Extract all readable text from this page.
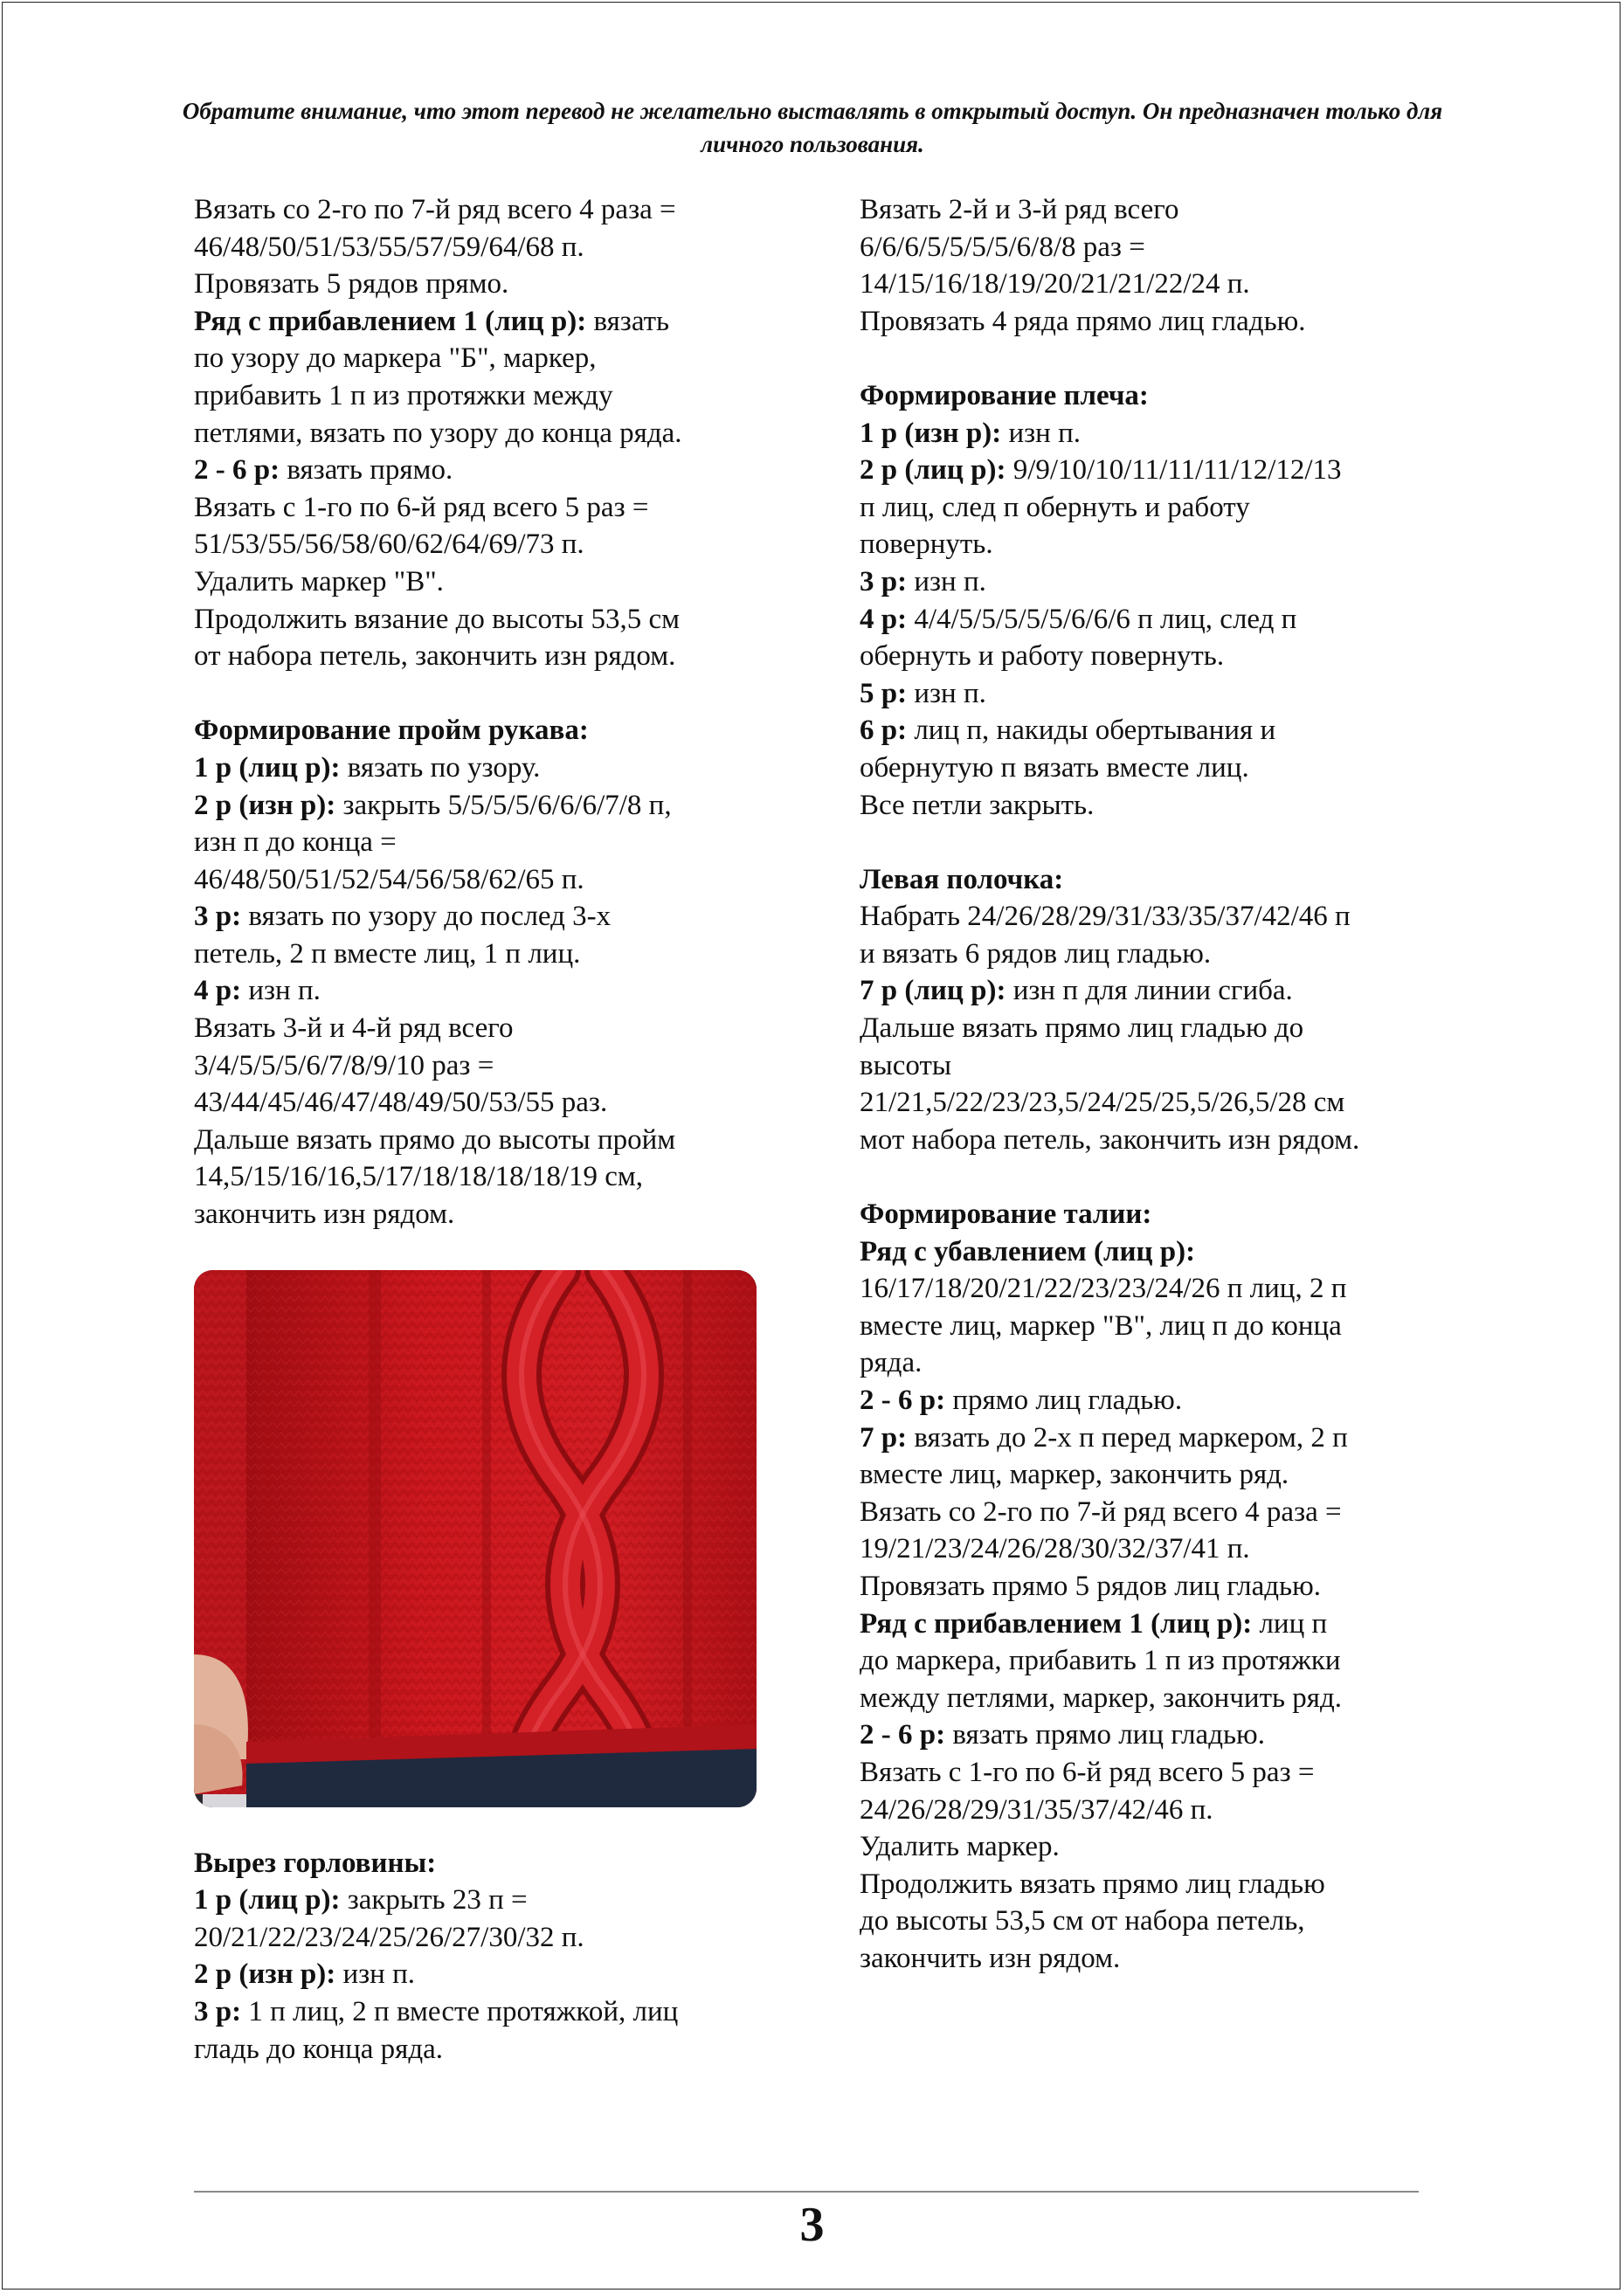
Обратите внимание, что этот перевод не желательно выставлять в открытый доступ. Он предназначен только для личного пользования.

Вязать со 2-го по 7-й ряд всего 4 раза =
46/48/50/51/53/55/57/59/64/68 п.
Провязать 5 рядов прямо.
Ряд с прибавлением 1 (лиц р): вязать
по узору до маркера "Б", маркер,
прибавить 1 п из протяжки между
петлями, вязать по узору до конца ряда.
2 - 6 р: вязать прямо.
Вязать с 1-го по 6-й ряд всего 5 раз =
51/53/55/56/58/60/62/64/69/73 п.
Удалить маркер "В".
Продолжить вязание до высоты 53,5 см
от набора петель, закончить изн рядом.
Формирование пройм рукава:
1 р (лиц р): вязать по узору.
2 р (изн р): закрыть 5/5/5/5/6/6/6/7/8 п,
изн п до конца =
46/48/50/51/52/54/56/58/62/65 п.
3 р: вязать по узору до послед 3-х
петель, 2 п вместе лиц, 1 п лиц.
4 р: изн п.
Вязать 3-й и 4-й ряд всего
3/4/5/5/5/6/7/8/9/10 раз =
43/44/45/46/47/48/49/50/53/55 раз.
Дальше вязать прямо до высоты пройм
14,5/15/16/16,5/17/18/18/18/18/19 см,
закончить изн рядом.
Вырез горловины:
1 р (лиц р): закрыть 23 п =
20/21/22/23/24/25/26/27/30/32 п.
2 р (изн р): изн п.
3 р: 1 п лиц, 2 п вместе протяжкой, лиц
гладь до конца ряда.
Вязать 2-й и 3-й ряд всего
6/6/6/5/5/5/5/6/8/8 раз =
14/15/16/18/19/20/21/21/22/24 п.
Провязать 4 ряда прямо лиц гладью.
Формирование плеча:
1 р (изн р): изн п.
2 р (лиц р): 9/9/10/10/11/11/11/12/12/13
п лиц, след п обернуть и работу
повернуть.
3 р: изн п.
4 р: 4/4/5/5/5/5/5/6/6/6 п лиц, след п
обернуть и работу повернуть.
5 р: изн п.
6 р: лиц п, накиды обертывания и
обернутую п вязать вместе лиц.
Все петли закрыть.
Левая полочка:
Набрать 24/26/28/29/31/33/35/37/42/46 п
и вязать 6 рядов лиц гладью.
7 р (лиц р): изн п для линии сгиба.
Дальше вязать прямо лиц гладью до
высоты
21/21,5/22/23/23,5/24/25/25,5/26,5/28 см
мот набора петель, закончить изн рядом.
Формирование талии:
Ряд с убавлением (лиц р):
16/17/18/20/21/22/23/23/24/26 п лиц, 2 п
вместе лиц, маркер "В", лиц п до конца
ряда.
2 - 6 р: прямо лиц гладью.
7 р: вязать до 2-х п перед маркером, 2 п
вместе лиц, маркер, закончить ряд.
Вязать со 2-го по 7-й ряд всего 4 раза =
19/21/23/24/26/28/30/32/37/41 п.
Провязать прямо 5 рядов лиц гладью.
Ряд с прибавлением 1 (лиц р): лиц п
до маркера, прибавить 1 п из протяжки
между петлями, маркер, закончить ряд.
2 - 6 р: вязать прямо лиц гладью.
Вязать с 1-го по 6-й ряд всего 5 раз =
24/26/28/29/31/35/37/42/46 п.
Удалить маркер.
Продолжить вязать прямо лиц гладью
до высоты 53,5 см от набора петель,
закончить изн рядом.
3
